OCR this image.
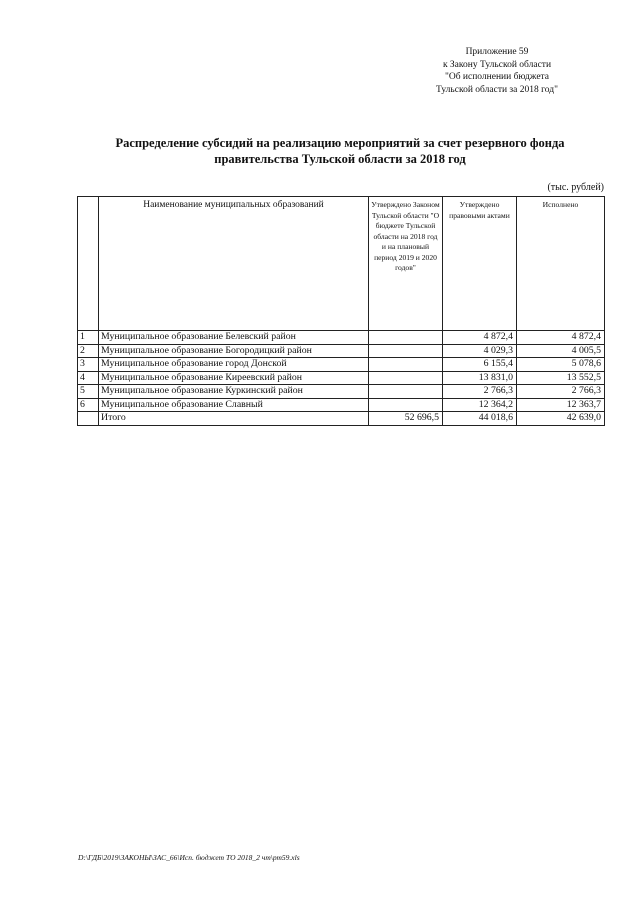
Приложение 59
к Закону Тульской области
"Об исполнении бюджета
Тульской области за 2018 год"
Распределение субсидий на реализацию мероприятий за счет резервного фонда
правительства Тульской области за 2018 год
(тыс. рублей)
	Наименование муниципальных образований	Утверждено Законом Тульской области "О бюджете Тульской области на 2018 год и на плановый период 2019 и 2020 годов"	Утверждено правовыми актами	Исполнено
1	Муниципальное образование Белевский район		4 872,4	4 872,4
2	Муниципальное образование Богородицкий район		4 029,3	4 005,5
3	Муниципальное образование город Донской		6 155,4	5 078,6
4	Муниципальное образование Киреевский район		13 831,0	13 552,5
5	Муниципальное образование Куркинский район		2 766,3	2 766,3
6	Муниципальное образование Славный		12 364,2	12 363,7
	Итого	52 696,5	44 018,6	42 639,0
D:\ГДБ\2019\ЗАКОНЫ\ЗАС_66\Исп. бюджет ТО 2018_2 чт\рт59.xls
